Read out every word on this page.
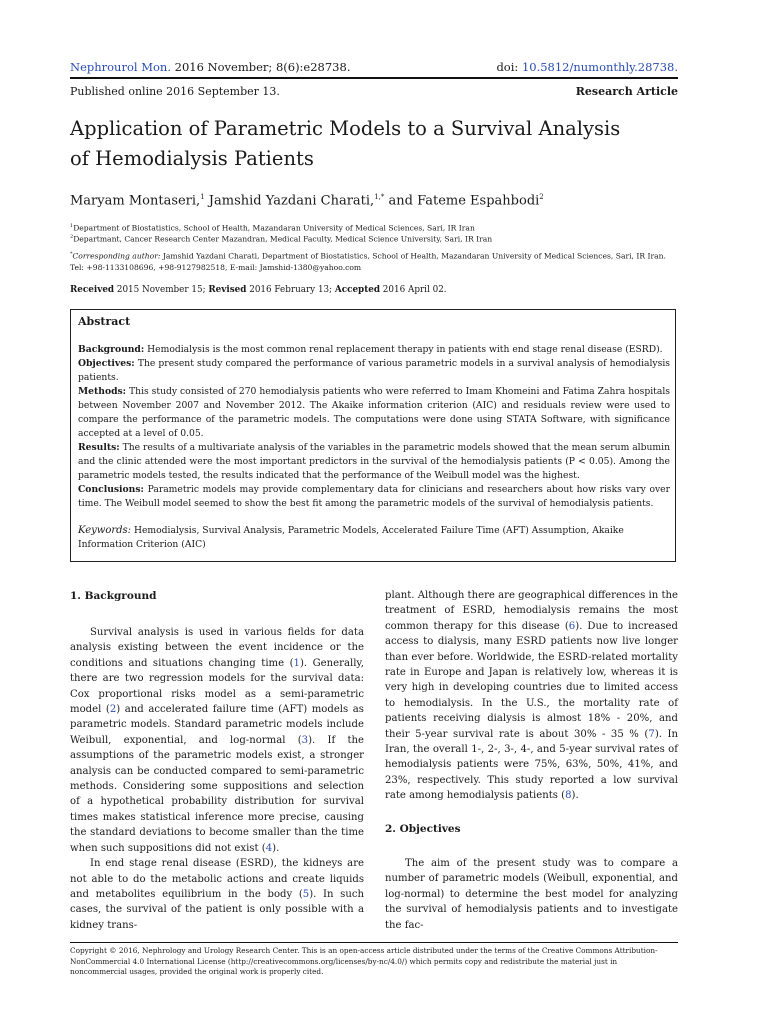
Nephrourol Mon. 2016 November; 8(6):e28738.	doi: 10.5812/numonthly.28738.
Published online 2016 September 13.	Research Article
Application of Parametric Models to a Survival Analysis of Hemodialysis Patients
Maryam Montaseri,$^1$ Jamshid Yazdani Charati,$^{1,*}$ and Fateme Espahbodi$^2$
$^1$Department of Biostatistics, School of Health, Mazandaran University of Medical Sciences, Sari, IR Iran
$^2$Departmant, Cancer Research Center Mazandran, Medical Faculty, Medical Science University, Sari, IR Iran
*Corresponding author: Jamshid Yazdani Charati, Department of Biostatistics, School of Health, Mazandaran University of Medical Sciences, Sari, IR Iran. Tel: +98-1133108696, +98-9127982518, E-mail: Jamshid-1380@yahoo.com
Received 2015 November 15; Revised 2016 February 13; Accepted 2016 April 02.
Abstract

Background: Hemodialysis is the most common renal replacement therapy in patients with end stage renal disease (ESRD).

Objectives: The present study compared the performance of various parametric models in a survival analysis of hemodialysis patients.

Methods: This study consisted of 270 hemodialysis patients who were referred to Imam Khomeini and Fatima Zahra hospitals between November 2007 and November 2012. The Akaike information criterion (AIC) and residuals review were used to compare the performance of the parametric models. The computations were done using STATA Software, with significance accepted at a level of 0.05.

Results: The results of a multivariate analysis of the variables in the parametric models showed that the mean serum albumin and the clinic attended were the most important predictors in the survival of the hemodialysis patients (P < 0.05). Among the parametric models tested, the results indicated that the performance of the Weibull model was the highest.

Conclusions: Parametric models may provide complementary data for clinicians and researchers about how risks vary over time. The Weibull model seemed to show the best fit among the parametric models of the survival of hemodialysis patients.

Keywords: Hemodialysis, Survival Analysis, Parametric Models, Accelerated Failure Time (AFT) Assumption, Akaike Information Criterion (AIC)
1. Background

Survival analysis is used in various fields for data analysis existing between the event incidence or the conditions and situations changing time (1). Generally, there are two regression models for the survival data: Cox proportional risks model as a semi-parametric model (2) and accelerated failure time (AFT) models as parametric models. Standard parametric models include Weibull, exponential, and log-normal (3). If the assumptions of the parametric models exist, a stronger analysis can be conducted compared to semi-parametric methods. Considering some suppositions and selection of a hypothetical probability distribution for survival times makes statistical inference more precise, causing the standard deviations to become smaller than the time when such suppositions did not exist (4).

In end stage renal disease (ESRD), the kidneys are not able to do the metabolic actions and create liquids and metabolites equilibrium in the body (5). In such cases, the survival of the patient is only possible with a kidney trans-

plant. Although there are geographical differences in the treatment of ESRD, hemodialysis remains the most common therapy for this disease (6). Due to increased access to dialysis, many ESRD patients now live longer than ever before. Worldwide, the ESRD-related mortality rate in Europe and Japan is relatively low, whereas it is very high in developing countries due to limited access to hemodialysis. In the U.S., the mortality rate of patients receiving dialysis is almost 18% - 20%, and their 5-year survival rate is about 30% - 35 % (7). In Iran, the overall 1-, 2-, 3-, 4-, and 5-year survival rates of hemodialysis patients were 75%, 63%, 50%, 41%, and 23%, respectively. This study reported a low survival rate among hemodialysis patients (8).

2. Objectives

The aim of the present study was to compare a number of parametric models (Weibull, exponential, and log-normal) to determine the best model for analyzing the survival of hemodialysis patients and to investigate the fac-

Copyright © 2016, Nephrology and Urology Research Center. This is an open-access article distributed under the terms of the Creative Commons Attribution-NonCommercial 4.0 International License (http://creativecommons.org/licenses/by-nc/4.0/) which permits copy and redistribute the material just in noncommercial usages, provided the original work is properly cited.
